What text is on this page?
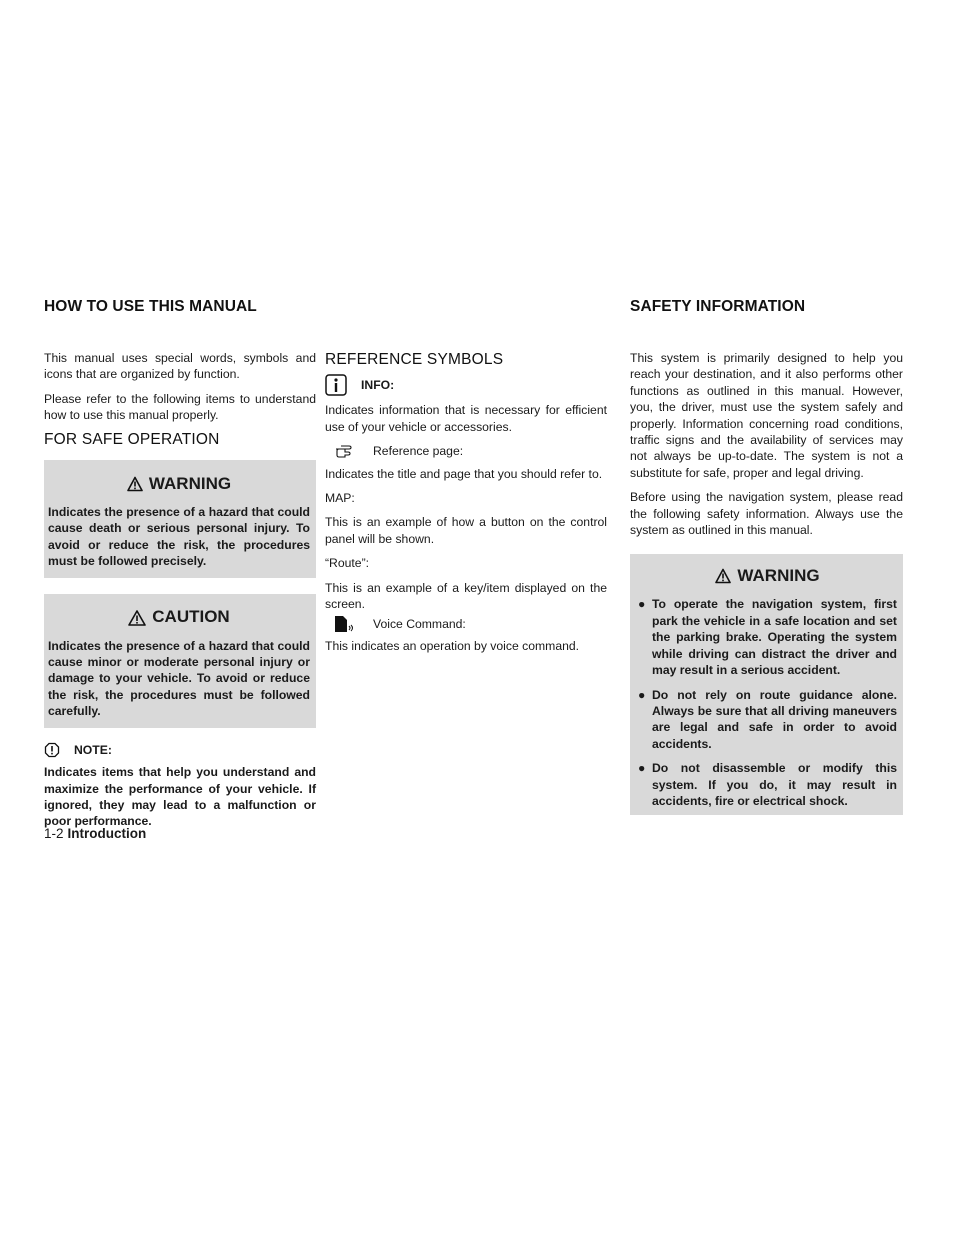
HOW TO USE THIS MANUAL	SAFETY INFORMATION

This manual uses special words, symbols and icons that are organized by function.

Please refer to the following items to understand how to use this manual properly.

FOR SAFE OPERATION
WARNING
Indicates the presence of a hazard that could cause death or serious personal injury. To avoid or reduce the risk, the procedures must be followed precisely.
CAUTION
Indicates the presence of a hazard that could cause minor or moderate personal injury or damage to your vehicle. To avoid or reduce the risk, the procedures must be followed carefully.
NOTE:
Indicates items that help you understand and maximize the performance of your vehicle. If ignored, they may lead to a malfunction or poor performance.
REFERENCE SYMBOLS
INFO:

Indicates information that is necessary for efficient use of your vehicle or accessories.

Reference page:

Indicates the title and page that you should refer to.

MAP:

This is an example of how a button on the control panel will be shown.

“Route”:

This is an example of a key/item displayed on the screen.

Voice Command:

This indicates an operation by voice command.

This system is primarily designed to help you reach your destination, and it also performs other functions as outlined in this manual. However, you, the driver, must use the system safely and properly. Information concerning road conditions, traffic signs and the availability of services may not always be up-to-date. The system is not a substitute for safe, proper and legal driving.

Before using the navigation system, please read the following safety information. Always use the system as outlined in this manual.

WARNING
● To operate the navigation system, first park the vehicle in a safe location and set the parking brake. Operating the system while driving can distract the driver and may result in a serious accident.
● Do not rely on route guidance alone. Always be sure that all driving maneuvers are legal and safe in order to avoid accidents.
● Do not disassemble or modify this system. If you do, it may result in accidents, fire or electrical shock.
1-2 Introduction
